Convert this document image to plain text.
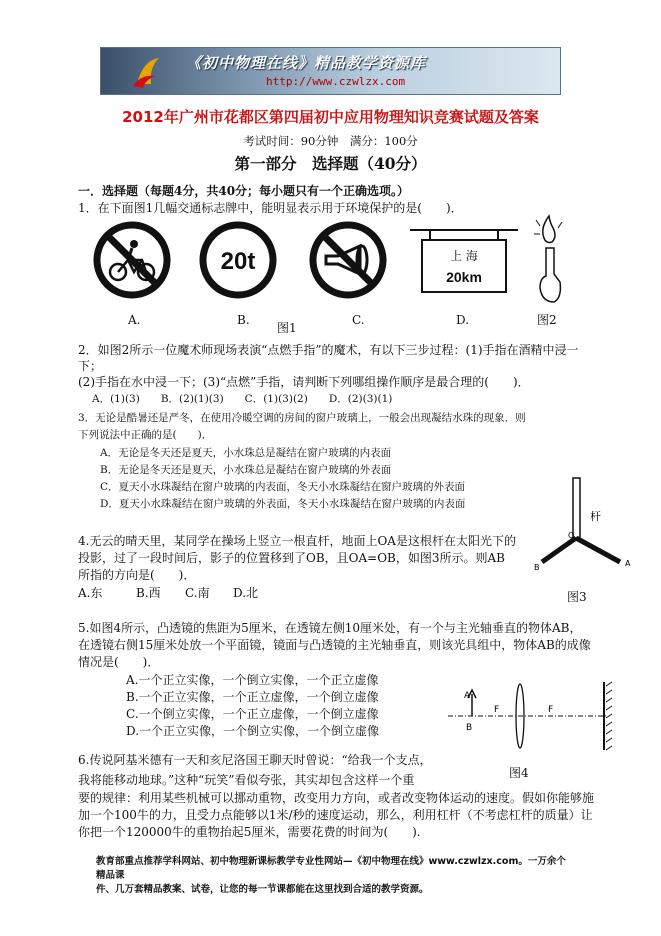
《初中物理在线》精品教学资源库
http://www.czwlzx.com
2012年广州市花都区第四届初中应用物理知识竞赛试题及答案
考试时间：90分钟　满分：100分
第一部分　选择题（40分）
一．选择题（每题4分，共40分；每小题只有一个正确选项。）
1．在下面图1几幅交通标志牌中，能明显表示用于环境保护的是(　　)．
20t	上 海
20km
A.	B.
图1
C.	D.	图2
2．如图2所示一位魔术师现场表演“点燃手指”的魔术，有以下三步过程：(1)手指在酒精中浸一
下；
(2)手指在水中浸一下；(3)“点燃”手指，请判断下列哪组操作顺序是最合理的(　　)．
A．(1)(3)　　B．(2)(1)(3)　　C．(1)(3)(2)　　D．(2)(3)(1)
3．无论是酷暑还是严冬，在使用冷暖空调的房间的窗户玻璃上，一般会出现凝结水珠的现象．则
下列说法中正确的是(　　)．
A．无论是冬天还是夏天，小水珠总是凝结在窗户玻璃的内表面
B．无论是冬天还是夏天，小水珠总是凝结在窗户玻璃的外表面
C．夏天小水珠凝结在窗户玻璃的内表面，冬天小水珠凝结在窗户玻璃的外表面
D．夏天小水珠凝结在窗户玻璃的外表面，冬天小水珠凝结在窗户玻璃的内表面
杆
O
A
B
4.无云的晴天里，某同学在操场上竖立一根直杆，地面上OA是这根杆在太阳光下的
投影，过了一段时间后，影子的位置移到了OB，且OA=OB，如图3所示。则AB
所指的方向是(　　)．
A.东	B.西 C.南 D.北	图3
5.如图4所示，凸透镜的焦距为5厘米，在透镜左侧10厘米处，有一个与主光轴垂直的物体AB，
在透镜右侧15厘米处放一个平面镜，镜面与凸透镜的主光轴垂直，则该光具组中，物体AB的成像
情况是(　　)．
A.一个正立实像，一个倒立实像，一个正立虚像
B.一个正立实像，一个正立虚像，一个倒立虚像
C.一个倒立实像，一个正立虚像，一个倒立虚像
D.一个正立实像，一个倒立实像，一个倒立虚像
A
B
F	F
图4
6.传说阿基米德有一天和亥尼洛国王聊天时曾说：“给我一个支点，
我将能移动地球。”这种“玩笑”看似夸张，其实却包含这样一个重
要的规律：利用某些机械可以挪动重物，改变用力方向，或者改变物体运动的速度。假如你能够施
加一个100牛的力，且受力点能够以1米/秒的速度运动，那么，利用杠杆（不考虑杠杆的质量）让
你把一个120000牛的重物抬起5厘米，需要花费的时间为(　　).
教育部重点推荐学科网站、初中物理新课标教学专业性网站—《初中物理在线》www.czwlzx.com。一万余个精品课
件、几万套精品教案、试卷，让您的每一节课都能在这里找到合适的教学资源。
